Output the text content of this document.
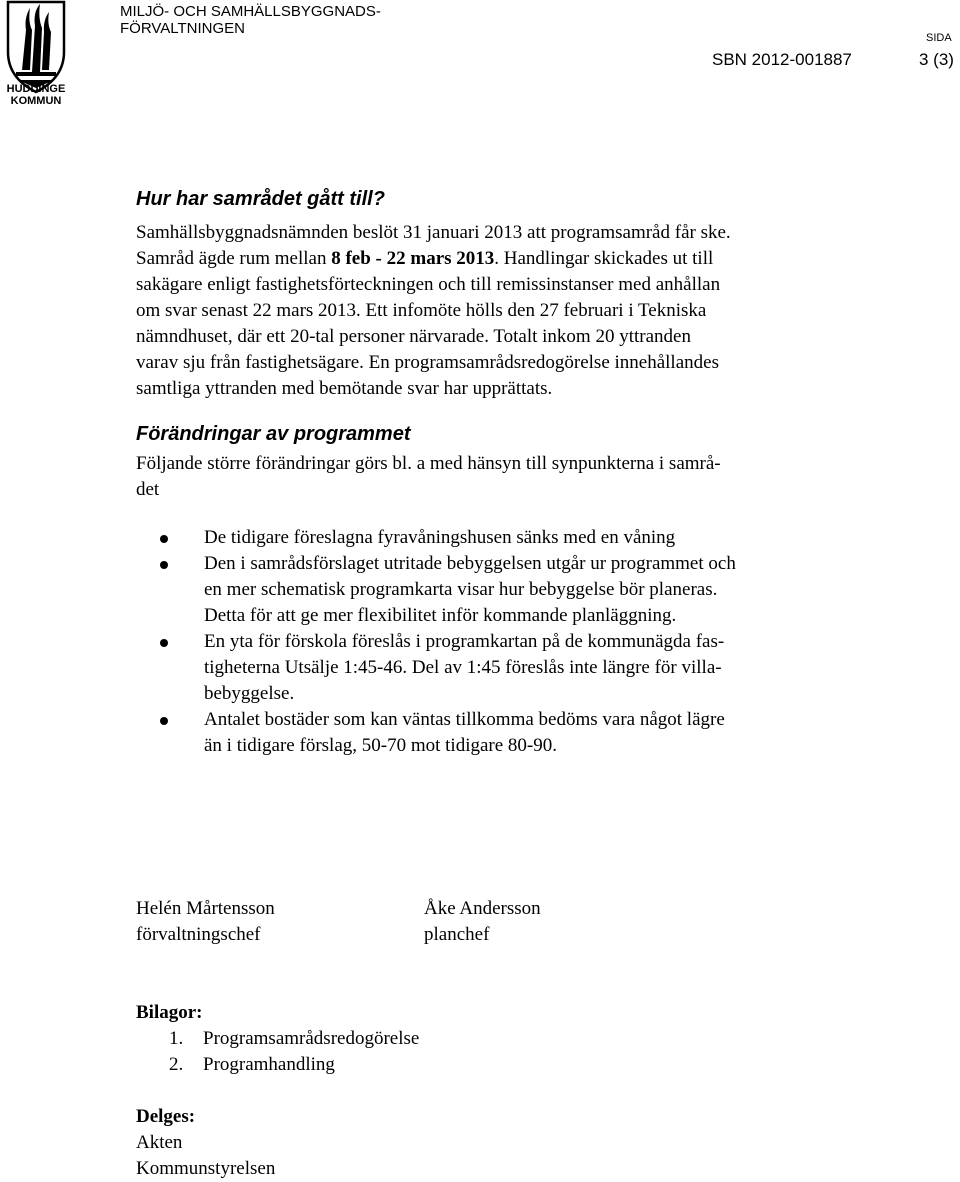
HUDDINGE
KOMMUN
MILJÖ- OCH SAMHÄLLSBYGGNADS-
FÖRVALTNINGEN
SIDA
SBN 2012-001887	3 (3)
Hur har samrådet gått till?
Samhällsbyggnadsnämnden beslöt 31 januari 2013 att programsamråd får ske.
Samråd ägde rum mellan 8 feb - 22 mars 2013. Handlingar skickades ut till
sakägare enligt fastighetsförteckningen och till remissinstanser med anhållan
om svar senast 22 mars 2013. Ett infomöte hölls den 27 februari i Tekniska
nämndhuset, där ett 20-tal personer närvarade. Totalt inkom 20 yttranden
varav sju från fastighetsägare. En programsamrådsredogörelse innehållandes
samtliga yttranden med bemötande svar har upprättats.
Förändringar av programmet
Följande större förändringar görs bl. a med hänsyn till synpunkterna i samrå-
det
De tidigare föreslagna fyravåningshusen sänks med en våning
Den i samrådsförslaget utritade bebyggelsen utgår ur programmet och
en mer schematisk programkarta visar hur bebyggelse bör planeras.
Detta för att ge mer flexibilitet inför kommande planläggning.
En yta för förskola föreslås i programkartan på de kommunägda fas-
tigheterna Utsälje 1:45-46. Del av 1:45 föreslås inte längre för villa-
bebyggelse.
Antalet bostäder som kan väntas tillkomma bedöms vara något lägre
än i tidigare förslag, 50-70 mot tidigare 80-90.
Helén Mårtensson
förvaltningschef
Åke Andersson
planchef
Bilagor:
1. Programsamrådsredogörelse
2. Programhandling
Delges:
Akten
Kommunstyrelsen
